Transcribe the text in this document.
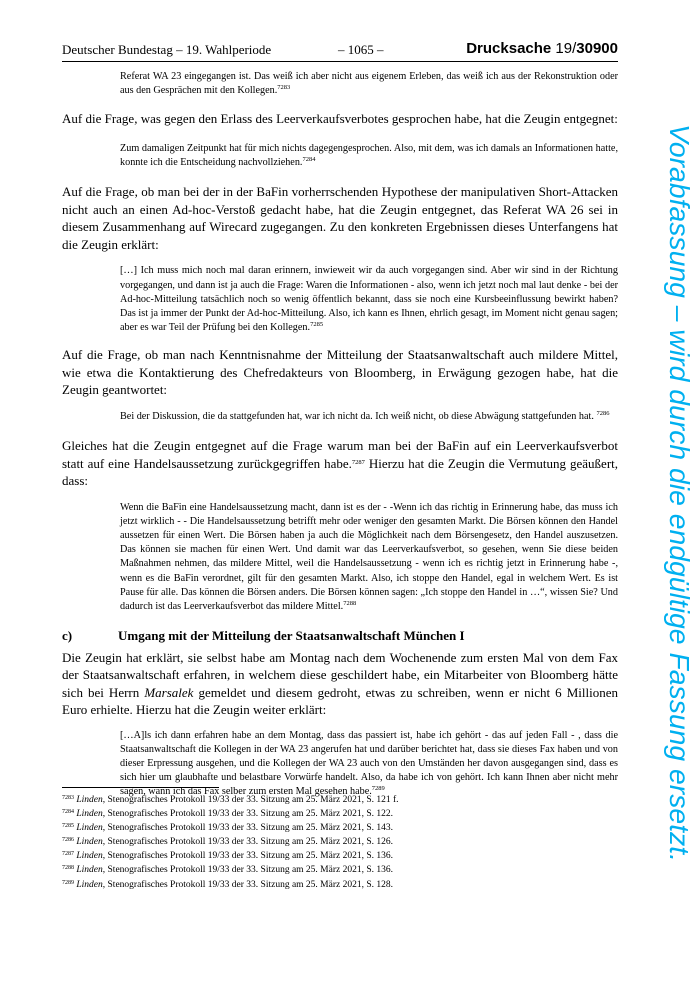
Deutscher Bundestag – 19. Wahlperiode	– 1065 –	Drucksache 19/30900

Referat WA 23 eingegangen ist. Das weiß ich aber nicht aus eigenem Erleben, das weiß ich aus der Rekonstruktion oder aus den Gesprächen mit den Kollegen.$^{7283}$

Auf die Frage, was gegen den Erlass des Leerverkaufsverbotes gesprochen habe, hat die Zeugin entgegnet:

Zum damaligen Zeitpunkt hat für mich nichts dagegengesprochen. Also, mit dem, was ich damals an Informationen hatte, konnte ich die Entscheidung nachvollziehen.$^{7284}$

Auf die Frage, ob man bei der in der BaFin vorherrschenden Hypothese der manipulativen Short-Attacken nicht auch an einen Ad-hoc-Verstoß gedacht habe, hat die Zeugin entgegnet, das Referat WA 26 sei in diesem Zusammenhang auf Wirecard zugegangen. Zu den konkreten Ergebnissen dieses Unterfangens hat die Zeugin erklärt:

[…] Ich muss mich noch mal daran erinnern, inwieweit wir da auch vorgegangen sind. Aber wir sind in der Richtung vorgegangen, und dann ist ja auch die Frage: Waren die Informationen - also, wenn ich jetzt noch mal laut denke - bei der Ad-hoc-Mitteilung tatsächlich noch so wenig öffentlich bekannt, dass sie noch eine Kursbeeinflussung bewirkt haben? Das ist ja immer der Punkt der Ad-hoc-Mitteilung. Also, ich kann es Ihnen, ehrlich gesagt, im Moment nicht genau sagen; aber es war Teil der Prüfung bei den Kollegen.$^{7285}$

Auf die Frage, ob man nach Kenntnisnahme der Mitteilung der Staatsanwaltschaft auch mildere Mittel, wie etwa die Kontaktierung des Chefredakteurs von Bloomberg, in Erwägung gezogen habe, hat die Zeugin geantwortet:

Bei der Diskussion, die da stattgefunden hat, war ich nicht da. Ich weiß nicht, ob diese Abwägung stattgefunden hat. $^{7286}$

Gleiches hat die Zeugin entgegnet auf die Frage warum man bei der BaFin auf ein Leerverkaufsverbot statt auf eine Handelsaussetzung zurückgegriffen habe.$^{7287}$ Hierzu hat die Zeugin die Vermutung geäußert, dass:

Wenn die BaFin eine Handelsaussetzung macht, dann ist es der - -Wenn ich das richtig in Erinnerung habe, das muss ich jetzt wirklich - - Die Handelsaussetzung betrifft mehr oder weniger den gesamten Markt. Die Börsen können den Handel aussetzen für einen Wert. Die Börsen haben ja auch die Möglichkeit nach dem Börsengesetz, den Handel auszusetzen. Das können sie machen für einen Wert. Und damit war das Leerverkaufsverbot, so gesehen, wenn Sie diese beiden Maßnahmen nehmen, das mildere Mittel, weil die Handelsaussetzung - wenn ich es richtig jetzt in Erinnerung habe -, wenn es die BaFin verordnet, gilt für den gesamten Markt. Also, ich stoppe den Handel, egal in welchem Wert. Es ist Pause für alle. Das können die Börsen anders. Die Börsen können sagen: „Ich stoppe den Handel in …“, wissen Sie? Und dadurch ist das Leerverkaufsverbot das mildere Mittel.$^{7288}$

c)	Umgang mit der Mitteilung der Staatsanwaltschaft München I

Die Zeugin hat erklärt, sie selbst habe am Montag nach dem Wochenende zum ersten Mal von dem Fax der Staatsanwaltschaft erfahren, in welchem diese geschildert habe, ein Mitarbeiter von Bloomberg hätte sich bei Herrn Marsalek gemeldet und diesem gedroht, etwas zu schreiben, wenn er nicht 6 Millionen Euro erhielte. Hierzu hat die Zeugin weiter erklärt:

[…A]ls ich dann erfahren habe an dem Montag, dass das passiert ist, habe ich gehört - das auf jeden Fall - , dass die Staatsanwaltschaft die Kollegen in der WA 23 angerufen hat und darüber berichtet hat, dass sie dieses Fax haben und von dieser Erpressung ausgehen, und die Kollegen der WA 23 auch von den Umständen her davon ausgegangen sind, dass es sich hier um glaubhafte und belastbare Vorwürfe handelt. Also, da habe ich von gehört. Ich kann Ihnen aber nicht mehr sagen, wann ich das Fax selber zum ersten Mal gesehen habe.$^{7289}$

$^{7283}$ Linden, Stenografisches Protokoll 19/33 der 33. Sitzung am 25. März 2021, S. 121 f.
$^{7284}$ Linden, Stenografisches Protokoll 19/33 der 33. Sitzung am 25. März 2021, S. 122.
$^{7285}$ Linden, Stenografisches Protokoll 19/33 der 33. Sitzung am 25. März 2021, S. 143.
$^{7286}$ Linden, Stenografisches Protokoll 19/33 der 33. Sitzung am 25. März 2021, S. 126.
$^{7287}$ Linden, Stenografisches Protokoll 19/33 der 33. Sitzung am 25. März 2021, S. 136.
$^{7288}$ Linden, Stenografisches Protokoll 19/33 der 33. Sitzung am 25. März 2021, S. 136.
$^{7289}$ Linden, Stenografisches Protokoll 19/33 der 33. Sitzung am 25. März 2021, S. 128.
Vorabfassung – wird durch die endgültige Fassung ersetzt.
